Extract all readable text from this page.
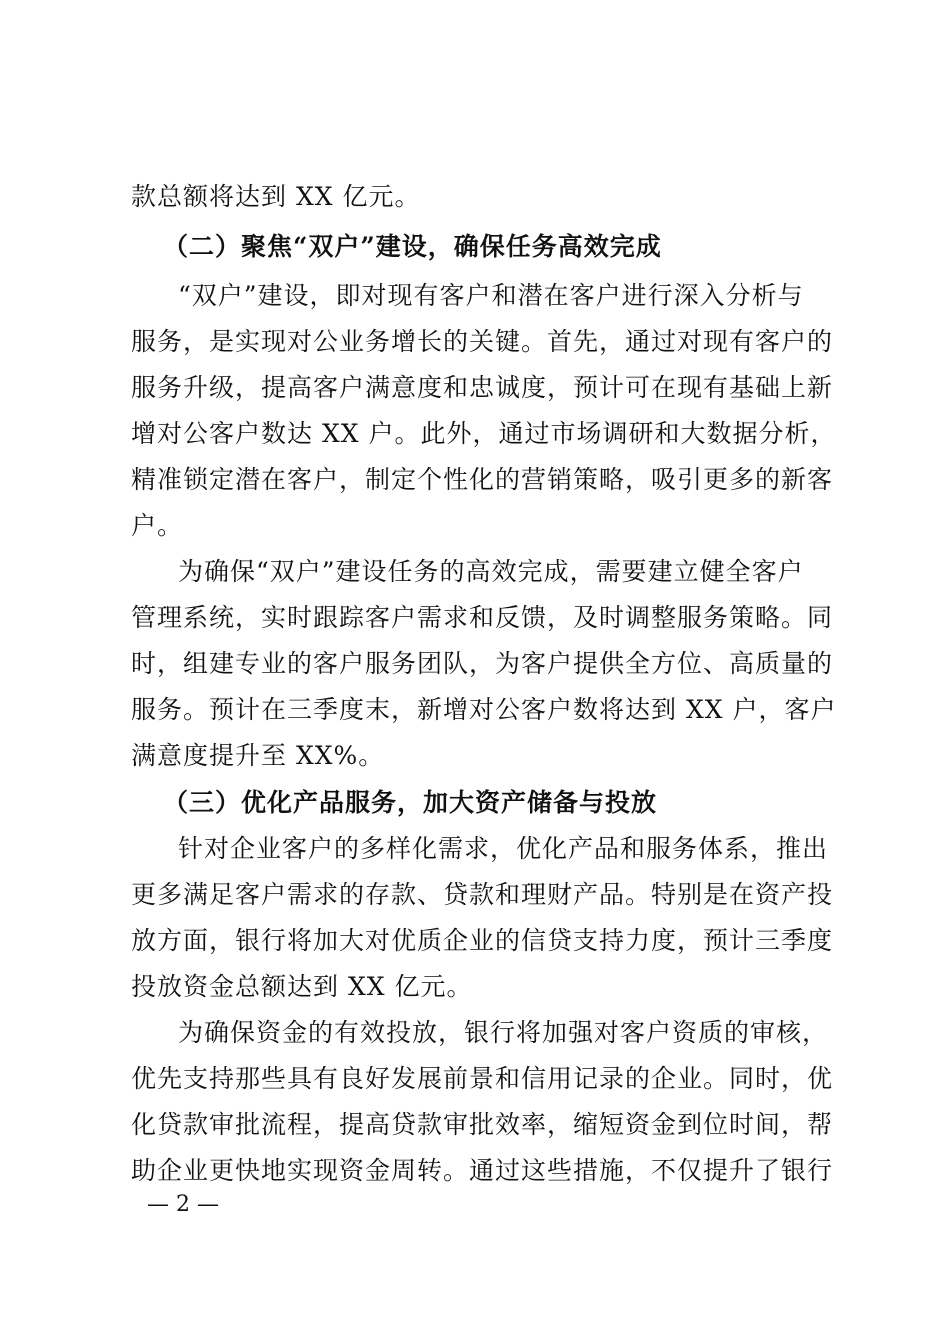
款总额将达到 XX 亿元。
（二）聚焦“双户”建设，确保任务高效完成
“双户”建设，即对现有客户和潜在客户进行深入分析与
服务，是实现对公业务增长的关键。首先，通过对现有客户的
服务升级，提高客户满意度和忠诚度，预计可在现有基础上新
增对公客户数达 XX 户。此外，通过市场调研和大数据分析，
精准锁定潜在客户，制定个性化的营销策略，吸引更多的新客
户。
为确保“双户”建设任务的高效完成，需要建立健全客户
管理系统，实时跟踪客户需求和反馈，及时调整服务策略。同
时，组建专业的客户服务团队，为客户提供全方位、高质量的
服务。预计在三季度末，新增对公客户数将达到 XX 户，客户
满意度提升至 XX%。
（三）优化产品服务，加大资产储备与投放
针对企业客户的多样化需求，优化产品和服务体系，推出
更多满足客户需求的存款、贷款和理财产品。特别是在资产投
放方面，银行将加大对优质企业的信贷支持力度，预计三季度
投放资金总额达到 XX 亿元。
为确保资金的有效投放，银行将加强对客户资质的审核，
优先支持那些具有良好发展前景和信用记录的企业。同时，优
化贷款审批流程，提高贷款审批效率，缩短资金到位时间，帮
助企业更快地实现资金周转。通过这些措施，不仅提升了银行
— 2 —
